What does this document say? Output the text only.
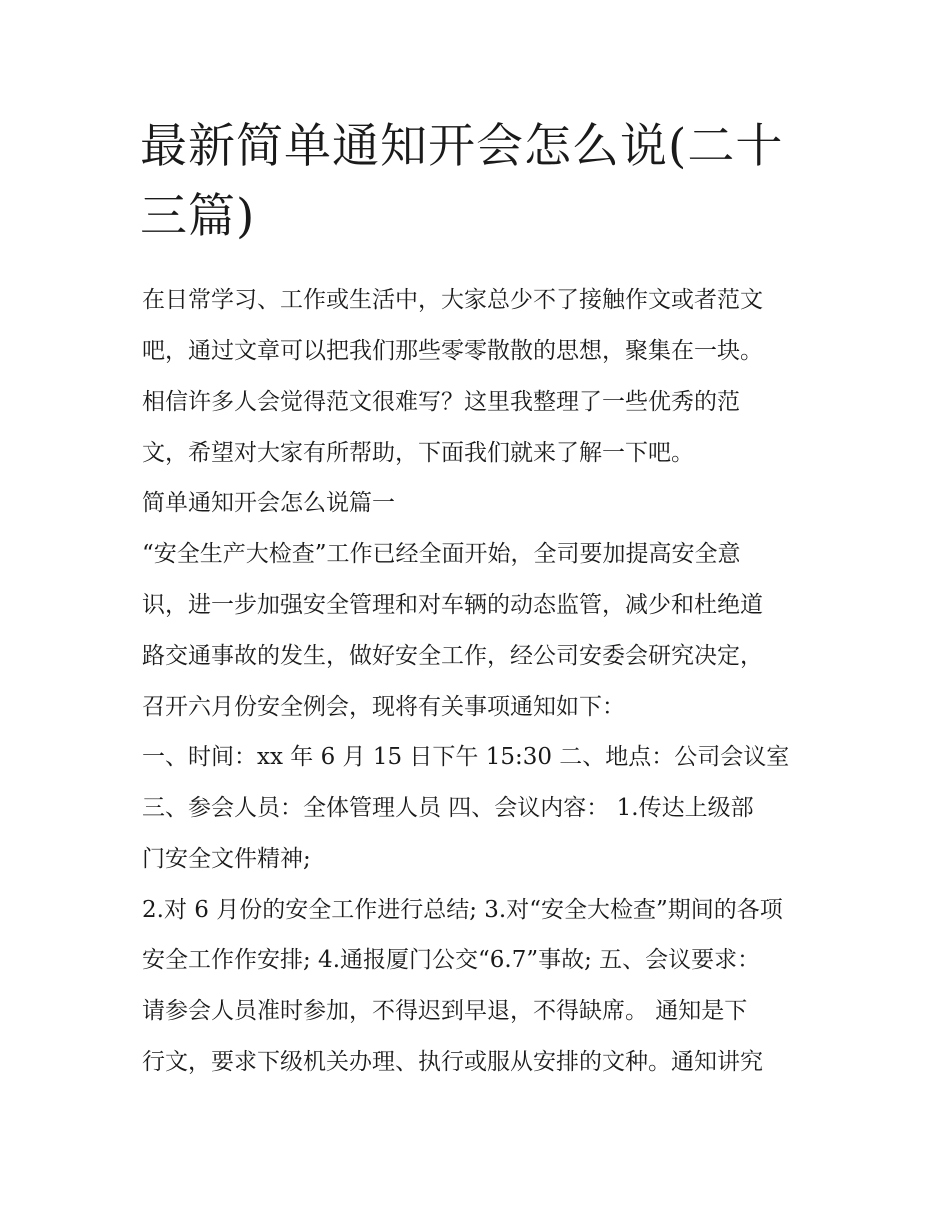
最新简单通知开会怎么说(二十
三篇)

在日常学习、工作或生活中，大家总少不了接触作文或者范文

吧，通过文章可以把我们那些零零散散的思想，聚集在一块。

相信许多人会觉得范文很难写？这里我整理了一些优秀的范

文，希望对大家有所帮助，下面我们就来了解一下吧。

简单通知开会怎么说篇一

“安全生产大检查”工作已经全面开始，全司要加提高安全意

识，进一步加强安全管理和对车辆的动态监管，减少和杜绝道

路交通事故的发生，做好安全工作，经公司安委会研究决定，

召开六月份安全例会，现将有关事项通知如下：

一、时间：xx 年 6 月 15 日下午 15:30 二、地点：公司会议室

三、参会人员：全体管理人员 四、会议内容： 1.传达上级部

门安全文件精神;

2.对 6 月份的安全工作进行总结; 3.对“安全大检查”期间的各项

安全工作作安排; 4.通报厦门公交“6.7”事故; 五、会议要求：

请参会人员准时参加，不得迟到早退，不得缺席。 通知是下

行文，要求下级机关办理、执行或服从安排的文种。通知讲究
